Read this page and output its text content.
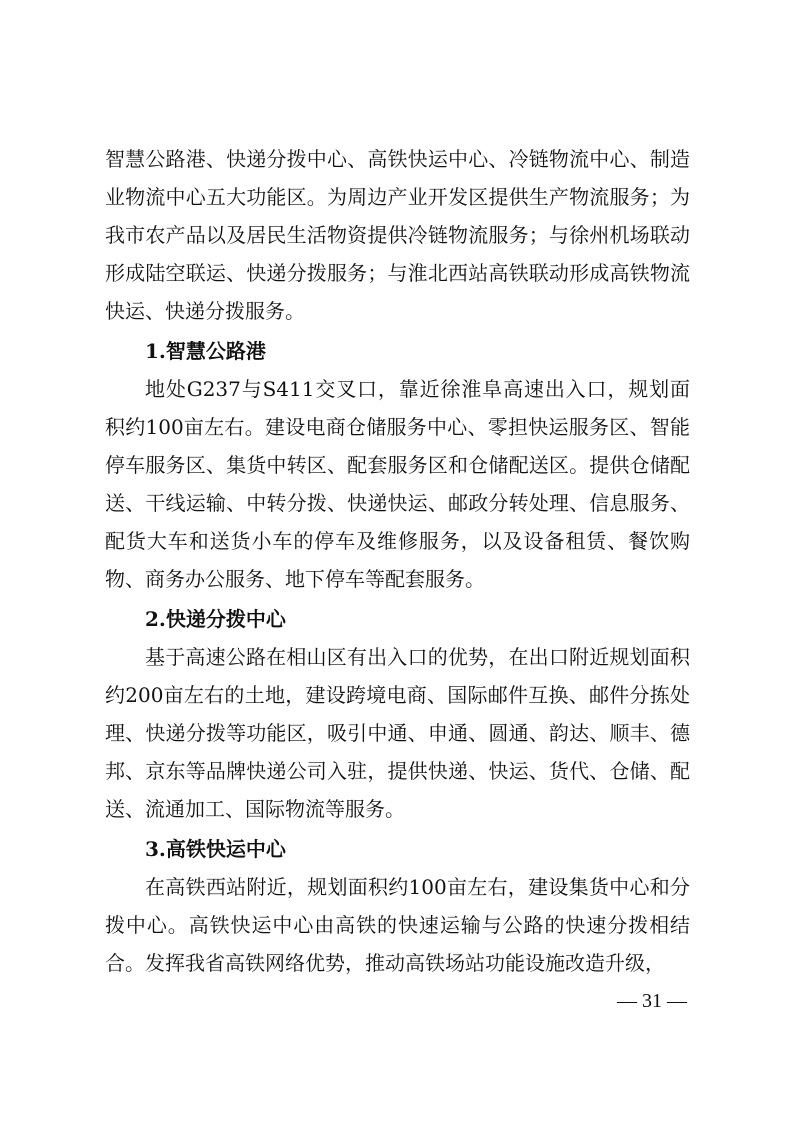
智慧公路港、快递分拨中心、高铁快运中心、冷链物流中心、制造业物流中心五大功能区。为周边产业开发区提供生产物流服务；为我市农产品以及居民生活物资提供冷链物流服务；与徐州机场联动形成陆空联运、快递分拨服务；与淮北西站高铁联动形成高铁物流快运、快递分拨服务。

1.智慧公路港

地处G237与S411交叉口，靠近徐淮阜高速出入口，规划面积约100亩左右。建设电商仓储服务中心、零担快运服务区、智能停车服务区、集货中转区、配套服务区和仓储配送区。提供仓储配送、干线运输、中转分拨、快递快运、邮政分转处理、信息服务、配货大车和送货小车的停车及维修服务，以及设备租赁、餐饮购物、商务办公服务、地下停车等配套服务。

2.快递分拨中心

基于高速公路在相山区有出入口的优势，在出口附近规划面积约200亩左右的土地，建设跨境电商、国际邮件互换、邮件分拣处理、快递分拨等功能区，吸引中通、申通、圆通、韵达、顺丰、德邦、京东等品牌快递公司入驻，提供快递、快运、货代、仓储、配送、流通加工、国际物流等服务。

3.高铁快运中心

在高铁西站附近，规划面积约100亩左右，建设集货中心和分拨中心。高铁快运中心由高铁的快速运输与公路的快速分拨相结合。发挥我省高铁网络优势，推动高铁场站功能设施改造升级，

— 31 —
